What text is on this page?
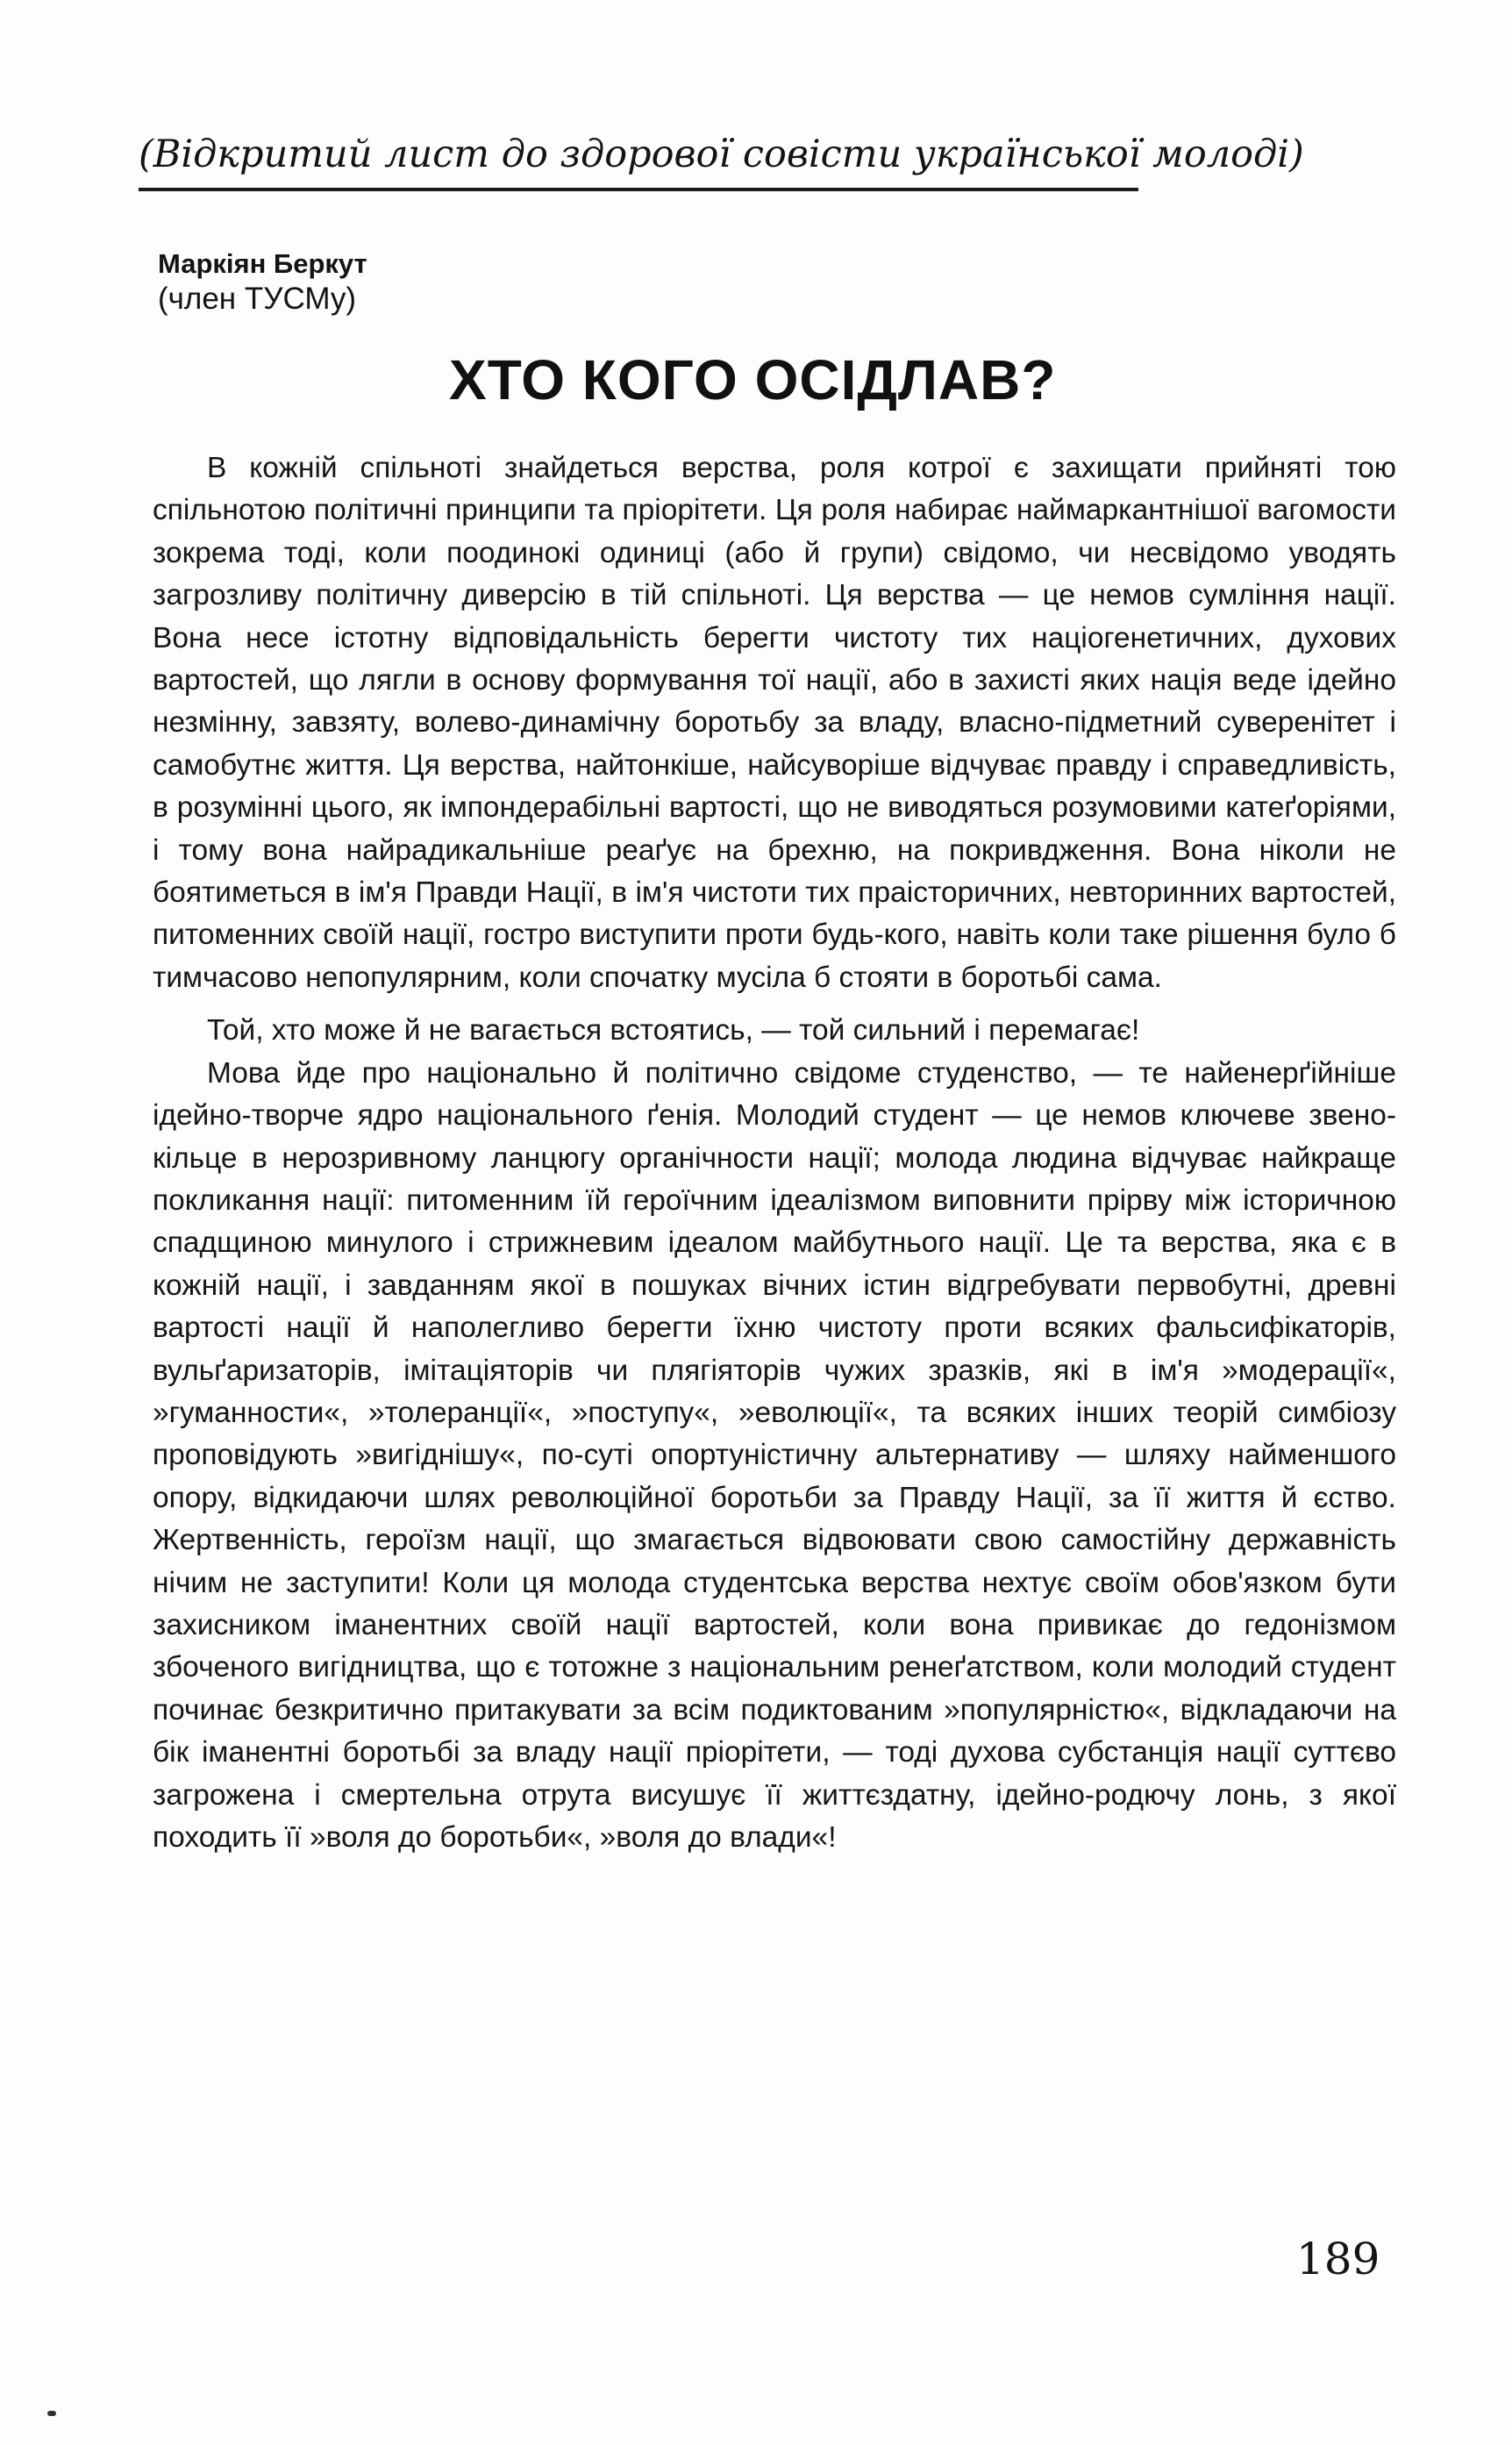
(Відкритий лист до здорової совісти української молоді)
Маркіян Беркут
(член ТУСМу)
ХТО КОГО ОСІДЛАВ?

В кожній спільноті знайдеться верства, роля котрої є захищати прийняті тою спільнотою політичні принципи та пріорітети. Ця роля набирає наймаркантнішої вагомости зокрема тоді, коли поодинокі одиниці (або й групи) свідомо, чи несвідомо уводять загрозливу політичну диверсію в тій спільноті. Ця верства — це немов сумління нації. Вона несе істотну відповідальність берегти чистоту тих націогенетичних, духових вартостей, що лягли в основу формування тої нації, або в захисті яких нація веде ідейно незмінну, завзяту, волево-динамічну боротьбу за владу, власно-підметний суверенітет і самобутнє життя. Ця верства, найтонкіше, найсуворіше відчуває правду і справедливість, в розумінні цього, як імпондерабільні вартості, що не виводяться розумовими катеґоріями, і тому вона найрадикальніше реаґує на брехню, на покривдження. Вона ніколи не боятиметься в ім'я Правди Нації, в ім'я чистоти тих праісторичних, невторинних вартостей, питоменних своїй нації, гостро виступити проти будь-кого, навіть коли таке рішення було б тимчасово непопулярним, коли спочатку мусіла б стояти в боротьбі сама.

Той, хто може й не вагається встоятись, — той сильний і перемагає!

Мова йде про національно й політично свідоме студенство, — те найенерґійніше ідейно-творче ядро національного ґенія. Молодий студент — це немов ключеве звено-кільце в нерозривному ланцюгу органічности нації; молода людина відчуває найкраще покликання нації: питоменним їй героїчним ідеалізмом виповнити прірву між історичною спадщиною минулого і стрижневим ідеалом майбутнього нації. Це та верства, яка є в кожній нації, і завданням якої в пошуках вічних істин відгребувати первобутні, древні вартості нації й наполегливо берегти їхню чистоту проти всяких фальсифікаторів, вульґаризаторів, імітаціяторів чи плягіяторів чужих зразків, які в ім'я »модерації«, »гуманности«, »толеранції«, »поступу«, »еволюції«, та всяких інших теорій симбіозу проповідують »вигіднішу«, по-суті опортуністичну альтернативу — шляху найменшого опору, відкидаючи шлях революційної боротьби за Правду Нації, за її життя й єство. Жертвенність, героїзм нації, що змагається відвоювати свою самостійну державність нічим не заступити! Коли ця молода студентська верства нехтує своїм обов'язком бути захисником іманентних своїй нації вартостей, коли вона привикає до гедонізмом збоченого вигідництва, що є тотожне з національним ренеґатством, коли молодий студент починає безкритично притакувати за всім подиктованим »популярністю«, відкладаючи на бік іманентні боротьбі за владу нації пріорітети, — тоді духова субстанція нації суттєво загрожена і смертельна отрута висушує її життєздатну, ідейно-родючу лонь, з якої походить її »воля до боротьби«, »воля до влади«!

189
